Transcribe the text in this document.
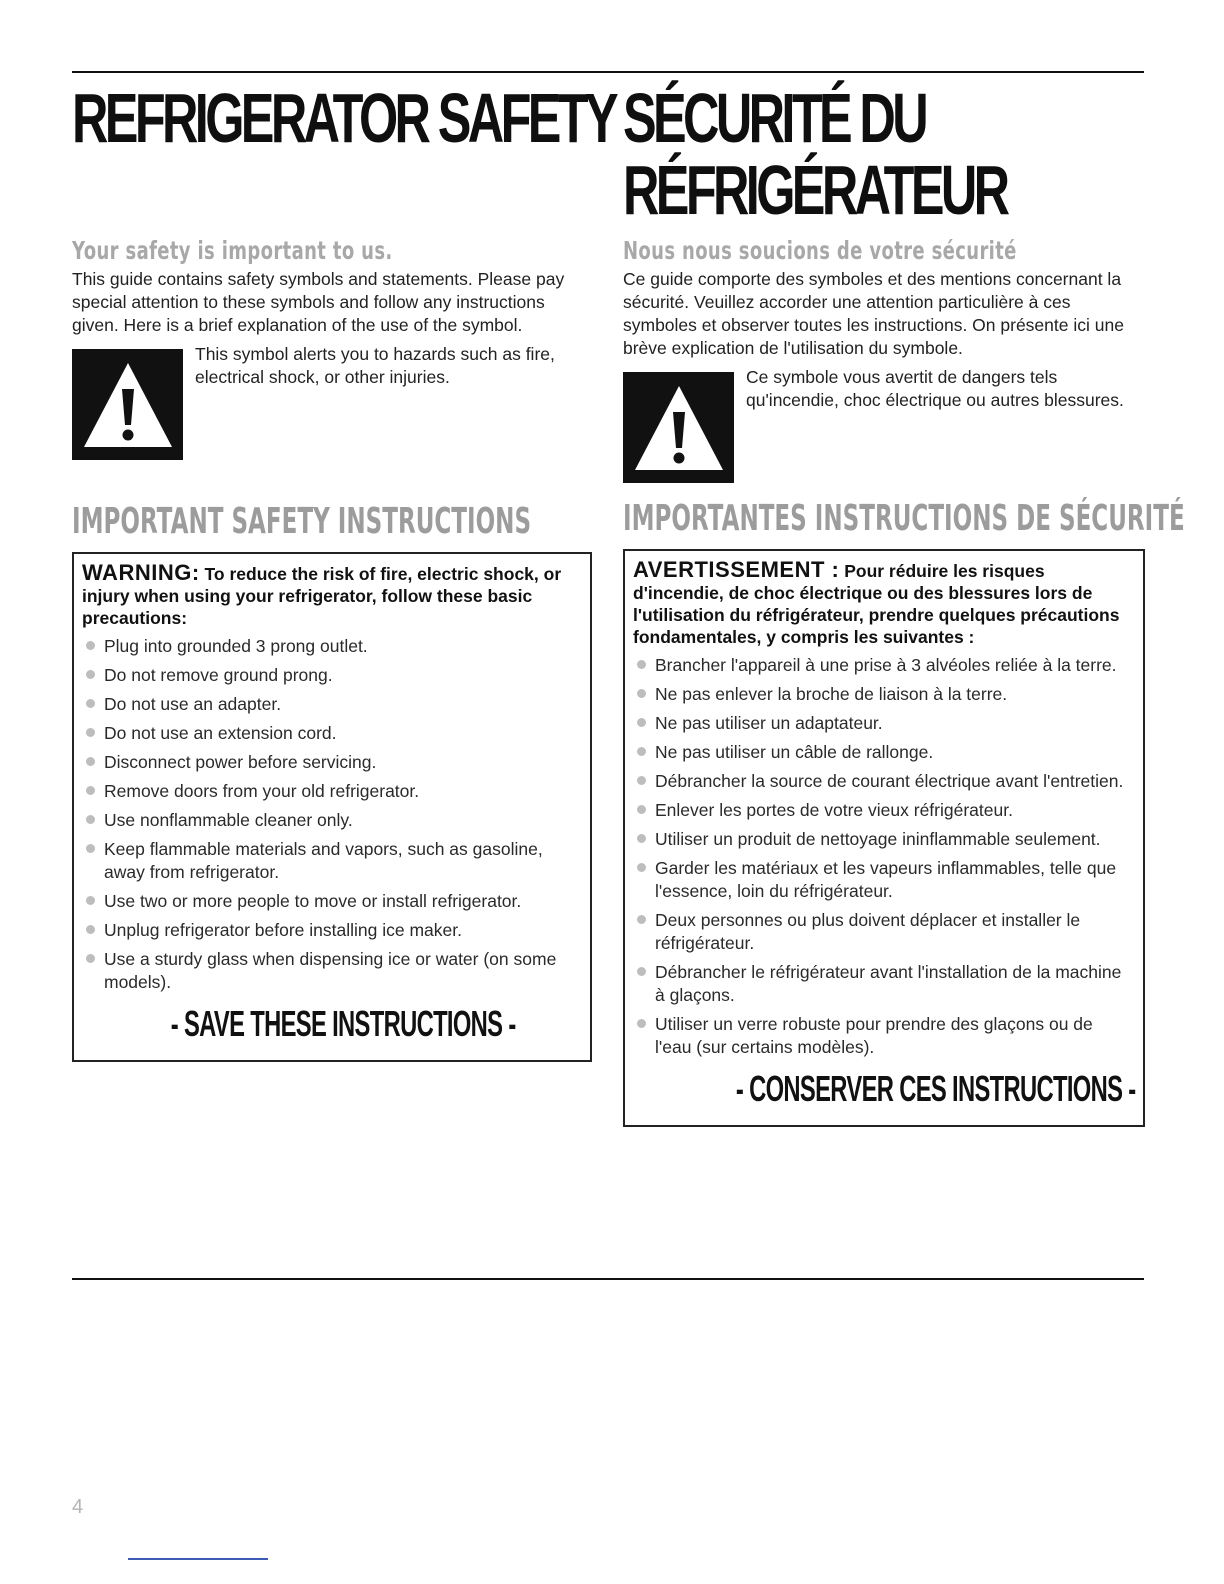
REFRIGERATOR SAFETY
Your safety is important to us.

This guide contains safety symbols and statements. Please pay special attention to these symbols and follow any instructions given. Here is a brief explanation of the use of the symbol.

This symbol alerts you to hazards such as fire, electrical shock, or other injuries.
IMPORTANT SAFETY INSTRUCTIONS
WARNING: To reduce the risk of fire, electric shock, or injury when using your refrigerator, follow these basic precautions:
Plug into grounded 3 prong outlet.
Do not remove ground prong.
Do not use an adapter.
Do not use an extension cord.
Disconnect power before servicing.
Remove doors from your old refrigerator.
Use nonflammable cleaner only.
Keep flammable materials and vapors, such as gasoline, away from refrigerator.
Use two or more people to move or install refrigerator.
Unplug refrigerator before installing ice maker.
Use a sturdy glass when dispensing ice or water (on some models).
- SAVE THESE INSTRUCTIONS -
SÉCURITÉ DU RÉFRIGÉRATEUR
Nous nous soucions de votre sécurité

Ce guide comporte des symboles et des mentions concernant la sécurité. Veuillez accorder une attention particulière à ces symboles et observer toutes les instructions. On présente ici une brève explication de l'utilisation du symbole.

Ce symbole vous avertit de dangers tels qu'incendie, choc électrique ou autres blessures.
IMPORTANTES INSTRUCTIONS DE SÉCURITÉ
AVERTISSEMENT : Pour réduire les risques d'incendie, de choc électrique ou des blessures lors de l'utilisation du réfrigérateur, prendre quelques précautions fondamentales, y compris les suivantes :
Brancher l'appareil à une prise à 3 alvéoles reliée à la terre.
Ne pas enlever la broche de liaison à la terre.
Ne pas utiliser un adaptateur.
Ne pas utiliser un câble de rallonge.
Débrancher la source de courant électrique avant l'entretien.
Enlever les portes de votre vieux réfrigérateur.
Utiliser un produit de nettoyage ininflammable seulement.
Garder les matériaux et les vapeurs inflammables, telle que l'essence, loin du réfrigérateur.
Deux personnes ou plus doivent déplacer et installer le réfrigérateur.
Débrancher le réfrigérateur avant l'installation de la machine à glaçons.
Utiliser un verre robuste pour prendre des glaçons ou de l'eau (sur certains modèles).
- CONSERVER CES INSTRUCTIONS -
4
